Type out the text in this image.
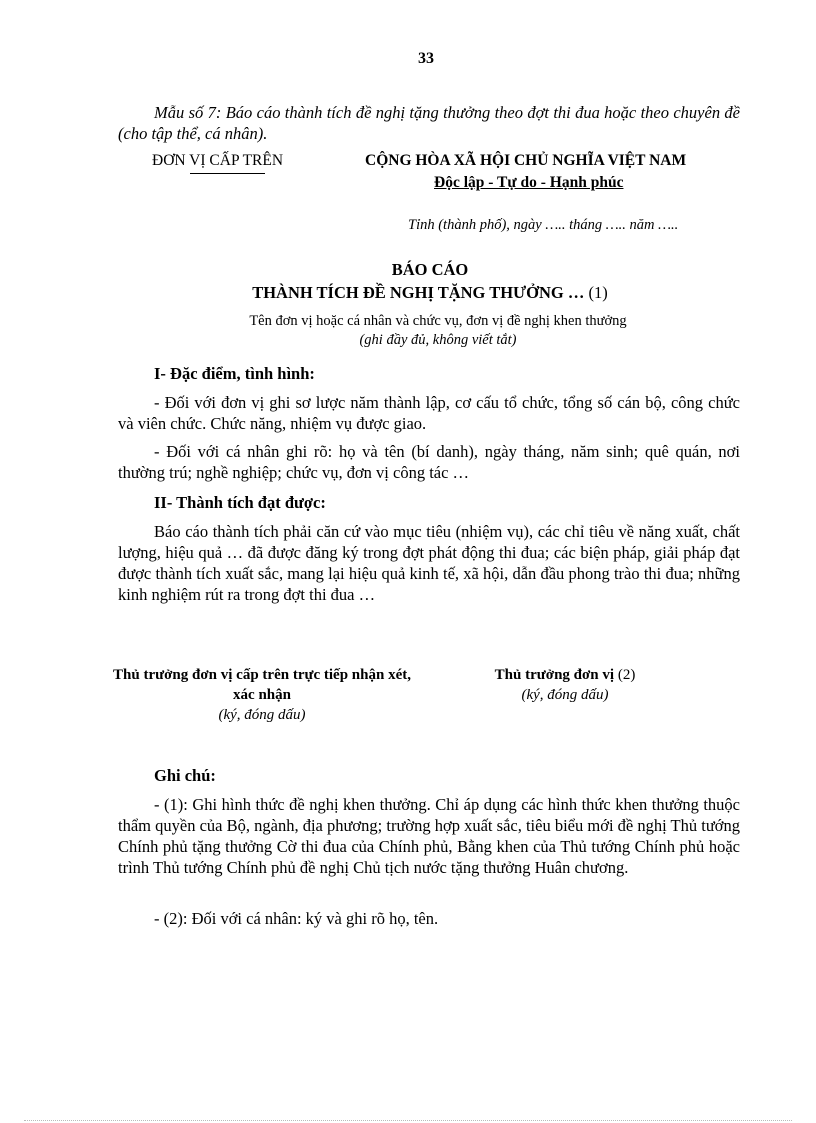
33
Mẫu số 7: Báo cáo thành tích đề nghị tặng thưởng theo đợt thi đua hoặc theo chuyên đề (cho tập thể, cá nhân).
ĐƠN VỊ CẤP TRÊN	CỘNG HÒA XÃ HỘI CHỦ NGHĨA VIỆT NAM
Độc lập - Tự do - Hạnh phúc
Tỉnh (thành phố), ngày ….. tháng ….. năm …..
BÁO CÁO
THÀNH TÍCH ĐỀ NGHỊ TẶNG THƯỞNG … (1)
Tên đơn vị hoặc cá nhân và chức vụ, đơn vị đề nghị khen thưởng
(ghi đầy đủ, không viết tắt)
I- Đặc điểm, tình hình:
- Đối với đơn vị ghi sơ lược năm thành lập, cơ cấu tổ chức, tổng số cán bộ, công chức và viên chức. Chức năng, nhiệm vụ được giao.
- Đối với cá nhân ghi rõ: họ và tên (bí danh), ngày tháng, năm sinh; quê quán, nơi thường trú; nghề nghiệp; chức vụ, đơn vị công tác …
II- Thành tích đạt được:
Báo cáo thành tích phải căn cứ vào mục tiêu (nhiệm vụ), các chỉ tiêu về năng xuất, chất lượng, hiệu quả … đã được đăng ký trong đợt phát động thi đua; các biện pháp, giải pháp đạt được thành tích xuất sắc, mang lại hiệu quả kinh tế, xã hội, dẫn đầu phong trào thi đua; những kinh nghiệm rút ra trong đợt thi đua …
Thủ trưởng đơn vị cấp trên trực tiếp nhận xét, xác nhận
(ký, đóng dấu)
Thủ trưởng đơn vị (2)
(ký, đóng dấu)
Ghi chú:
- (1): Ghi hình thức đề nghị khen thưởng. Chỉ áp dụng các hình thức khen thưởng thuộc thẩm quyền của Bộ, ngành, địa phương; trường hợp xuất sắc, tiêu biểu mới đề nghị Thủ tướng Chính phủ tặng thưởng Cờ thi đua của Chính phủ, Bằng khen của Thủ tướng Chính phủ hoặc trình Thủ tướng Chính phủ đề nghị Chủ tịch nước tặng thưởng Huân chương.
- (2): Đối với cá nhân: ký và ghi rõ họ, tên.
